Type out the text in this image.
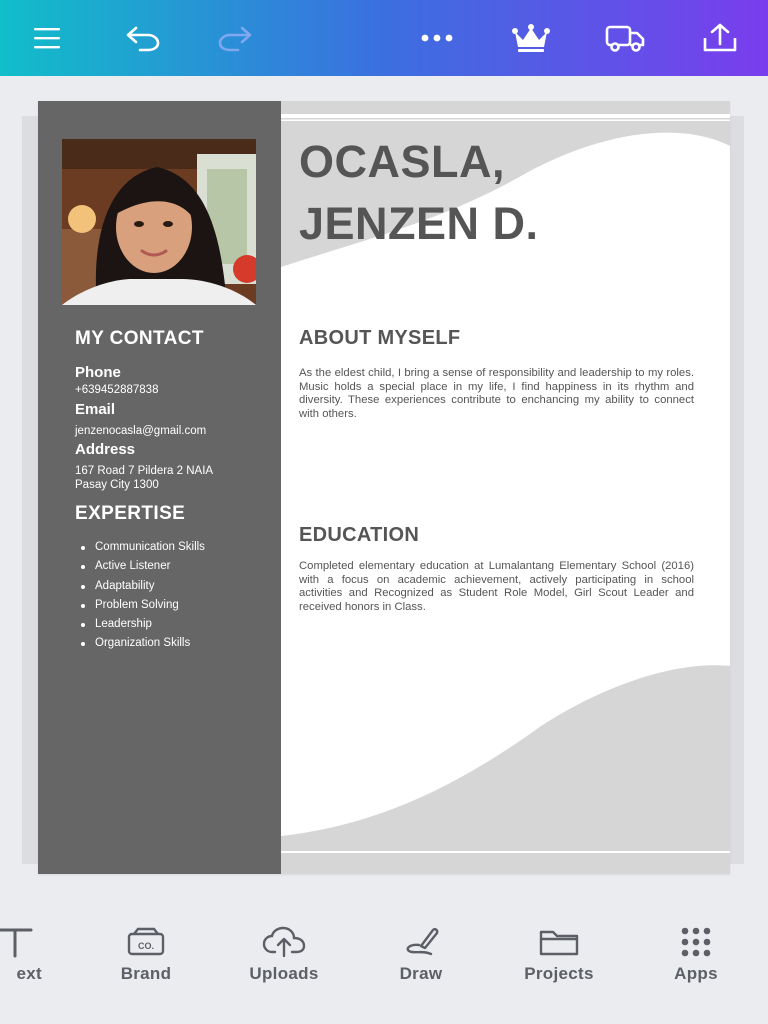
MY CONTACT
Phone
+639452887838
Email
jenzenocasla@gmail.com
Address
167 Road 7 Pildera 2 NAIA
Pasay City 1300
EXPERTISE
Communication Skills
Active Listener
Adaptability
Problem Solving
Leadership
Organization Skills
OCASLA,
JENZEN D.
ABOUT MYSELF
As the eldest child, I bring a sense of responsibility and leadership to my roles. Music holds a special place in my life, I find happiness in its rhythm and diversity. These experiences contribute to enchancing my ability to connect with others.
EDUCATION
Completed elementary education at Lumalantang Elementary School (2016) with a focus on academic achievement, actively participating in school activities and Recognized as Student Role Model, Girl Scout Leader and received honors in Class.
ext
CO.
Brand	Uploads	Draw	Projects	Apps
